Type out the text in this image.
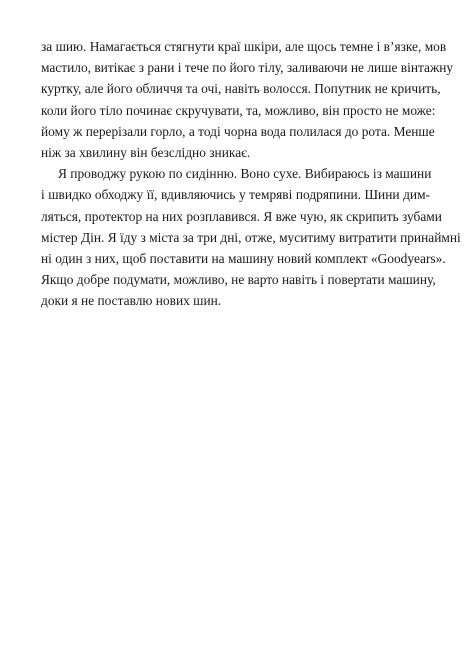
за шию. Намагається стягнути краї шкіри, але щось темне і в’язке, мов
мастило, витікає з рани і тече по його тілу, заливаючи не лише вінтажну
куртку, але його обличчя та очі, навіть волосся. Попутник не кричить,
коли його тіло починає скручувати, та, можливо, він просто не може:
йому ж перерізали горло, а тоді чорна вода полилася до рота. Менше
ніж за хвилину він безслідно зникає.
Я проводжу рукою по сидінню. Воно сухе. Вибираюсь із машини
і швидко обходжу її, вдивляючись у темряві подряпини. Шини дим-
ляться, протектор на них розплавився. Я вже чую, як скрипить зубами
містер Дін. Я їду з міста за три дні, отже, муситиму витратити принаймні
ні один з них, щоб поставити на машину новий комплект «Goodyears».
Якщо добре подумати, можливо, не варто навіть і повертати машину,
доки я не поставлю нових шин.
